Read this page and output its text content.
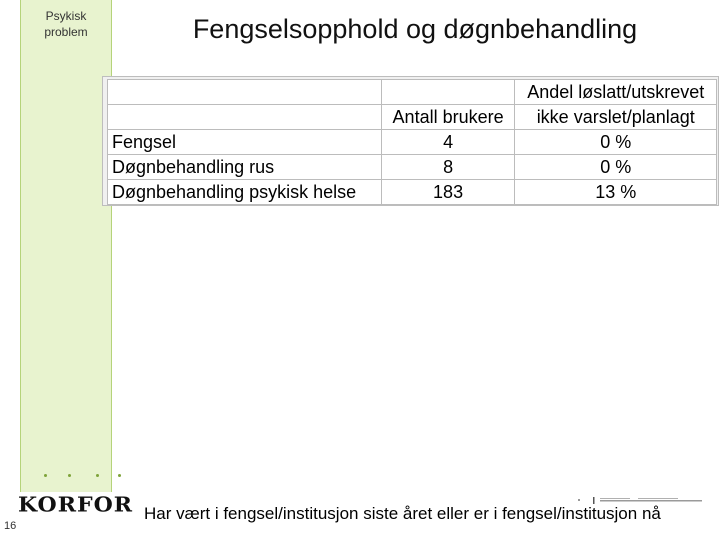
Psykisk
problem	Fengselsopphold og døgnbehandling
		Andel løslatt/utskrevet
	Antall brukere	ikke varslet/planlagt
Fengsel	4	0 %
Døgnbehandling rus	8	0 %
Døgnbehandling psykisk helse	183	13 %
KORFOR
16
Har vært i fengsel/institusjon siste året eller er i fengsel/institusjon nå
